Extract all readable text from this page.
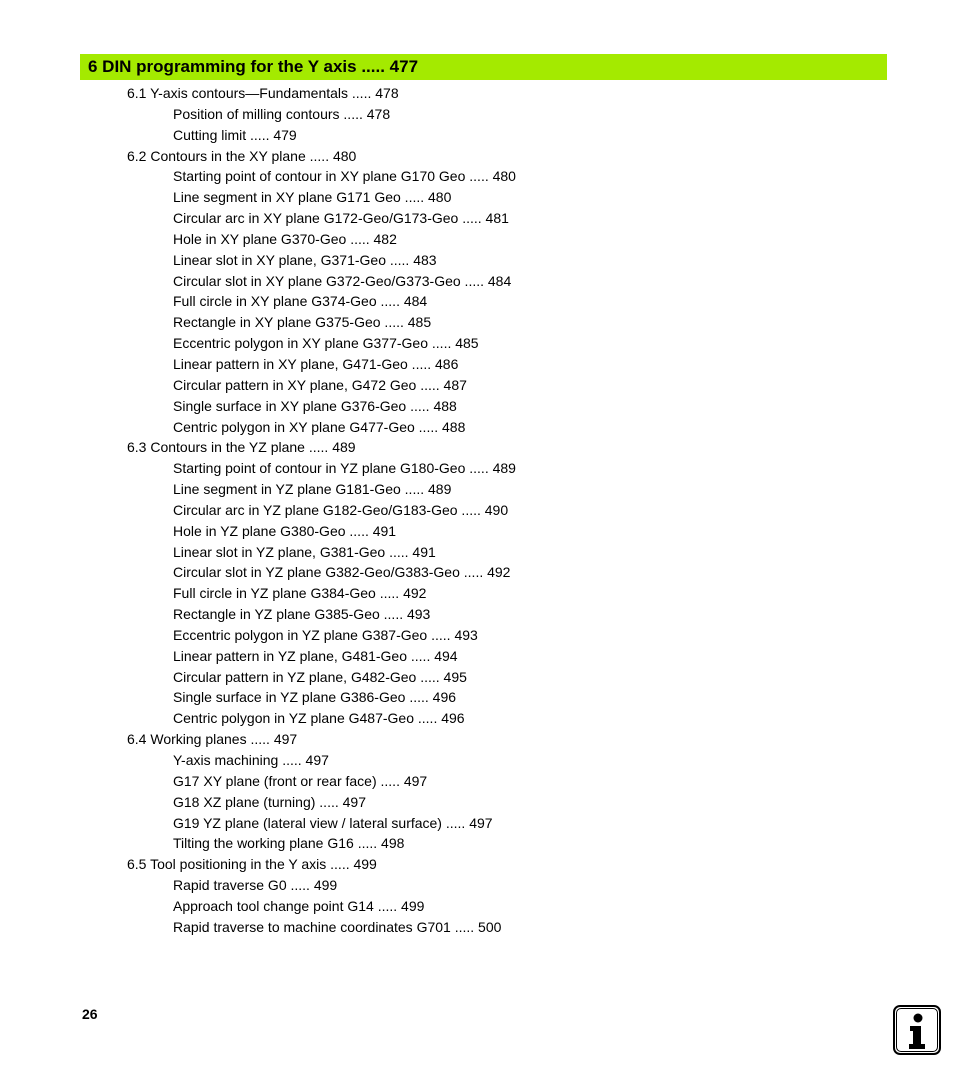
6 DIN programming for the Y axis ..... 477
6.1 Y-axis contours—Fundamentals ..... 478
Position of milling contours ..... 478
Cutting limit ..... 479
6.2 Contours in the XY plane ..... 480
Starting point of contour in XY plane G170 Geo ..... 480
Line segment in XY plane G171 Geo ..... 480
Circular arc in XY plane G172-Geo/G173-Geo ..... 481
Hole in XY plane G370-Geo ..... 482
Linear slot in XY plane, G371-Geo ..... 483
Circular slot in XY plane G372-Geo/G373-Geo ..... 484
Full circle in XY plane G374-Geo ..... 484
Rectangle in XY plane G375-Geo ..... 485
Eccentric polygon in XY plane G377-Geo ..... 485
Linear pattern in XY plane, G471-Geo ..... 486
Circular pattern in XY plane, G472 Geo ..... 487
Single surface in XY plane G376-Geo ..... 488
Centric polygon in XY plane G477-Geo ..... 488
6.3 Contours in the YZ plane ..... 489
Starting point of contour in YZ plane G180-Geo ..... 489
Line segment in YZ plane G181-Geo ..... 489
Circular arc in YZ plane G182-Geo/G183-Geo ..... 490
Hole in YZ plane G380-Geo ..... 491
Linear slot in YZ plane, G381-Geo ..... 491
Circular slot in YZ plane G382-Geo/G383-Geo ..... 492
Full circle in YZ plane G384-Geo ..... 492
Rectangle in YZ plane G385-Geo ..... 493
Eccentric polygon in YZ plane G387-Geo ..... 493
Linear pattern in YZ plane, G481-Geo ..... 494
Circular pattern in YZ plane, G482-Geo ..... 495
Single surface in YZ plane G386-Geo ..... 496
Centric polygon in YZ plane G487-Geo ..... 496
6.4 Working planes ..... 497
Y-axis machining ..... 497
G17 XY plane (front or rear face) ..... 497
G18 XZ plane (turning) ..... 497
G19 YZ plane (lateral view / lateral surface) ..... 497
Tilting the working plane G16 ..... 498
6.5 Tool positioning in the Y axis ..... 499
Rapid traverse G0 ..... 499
Approach tool change point G14 ..... 499
Rapid traverse to machine coordinates G701 ..... 500
26
